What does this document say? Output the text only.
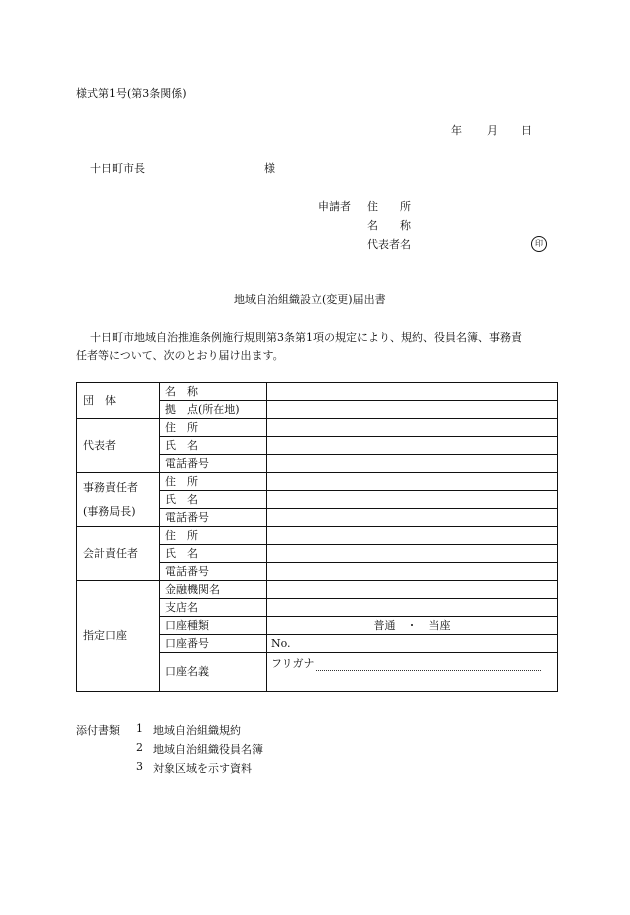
様式第1号(第3条関係)
年 月 日
十日町市長	様
申請者 住　　所
名　　称
代表者名	印
地域自治組織設立(変更)届出書
十日町市地域自治推進条例施行規則第3条第1項の規定により、規約、役員名簿、事務責
任者等について、次のとおり届け出ます。
団　体	名　称	
	拠　点(所在地)	
代表者	住　所	
	氏　名	
	電話番号	

事務責任者
(事務局長)	住　所	
	氏　名	
	電話番号	
会計責任者	住　所	
	氏　名	
	電話番号	
指定口座	金融機関名	
	支店名	
	口座種類	普通　・　当座
	口座番号	No.
	口座名義	フリガナ
添付書類 1 地域自治組織規約
2 地域自治組織役員名簿
3 対象区域を示す資料
